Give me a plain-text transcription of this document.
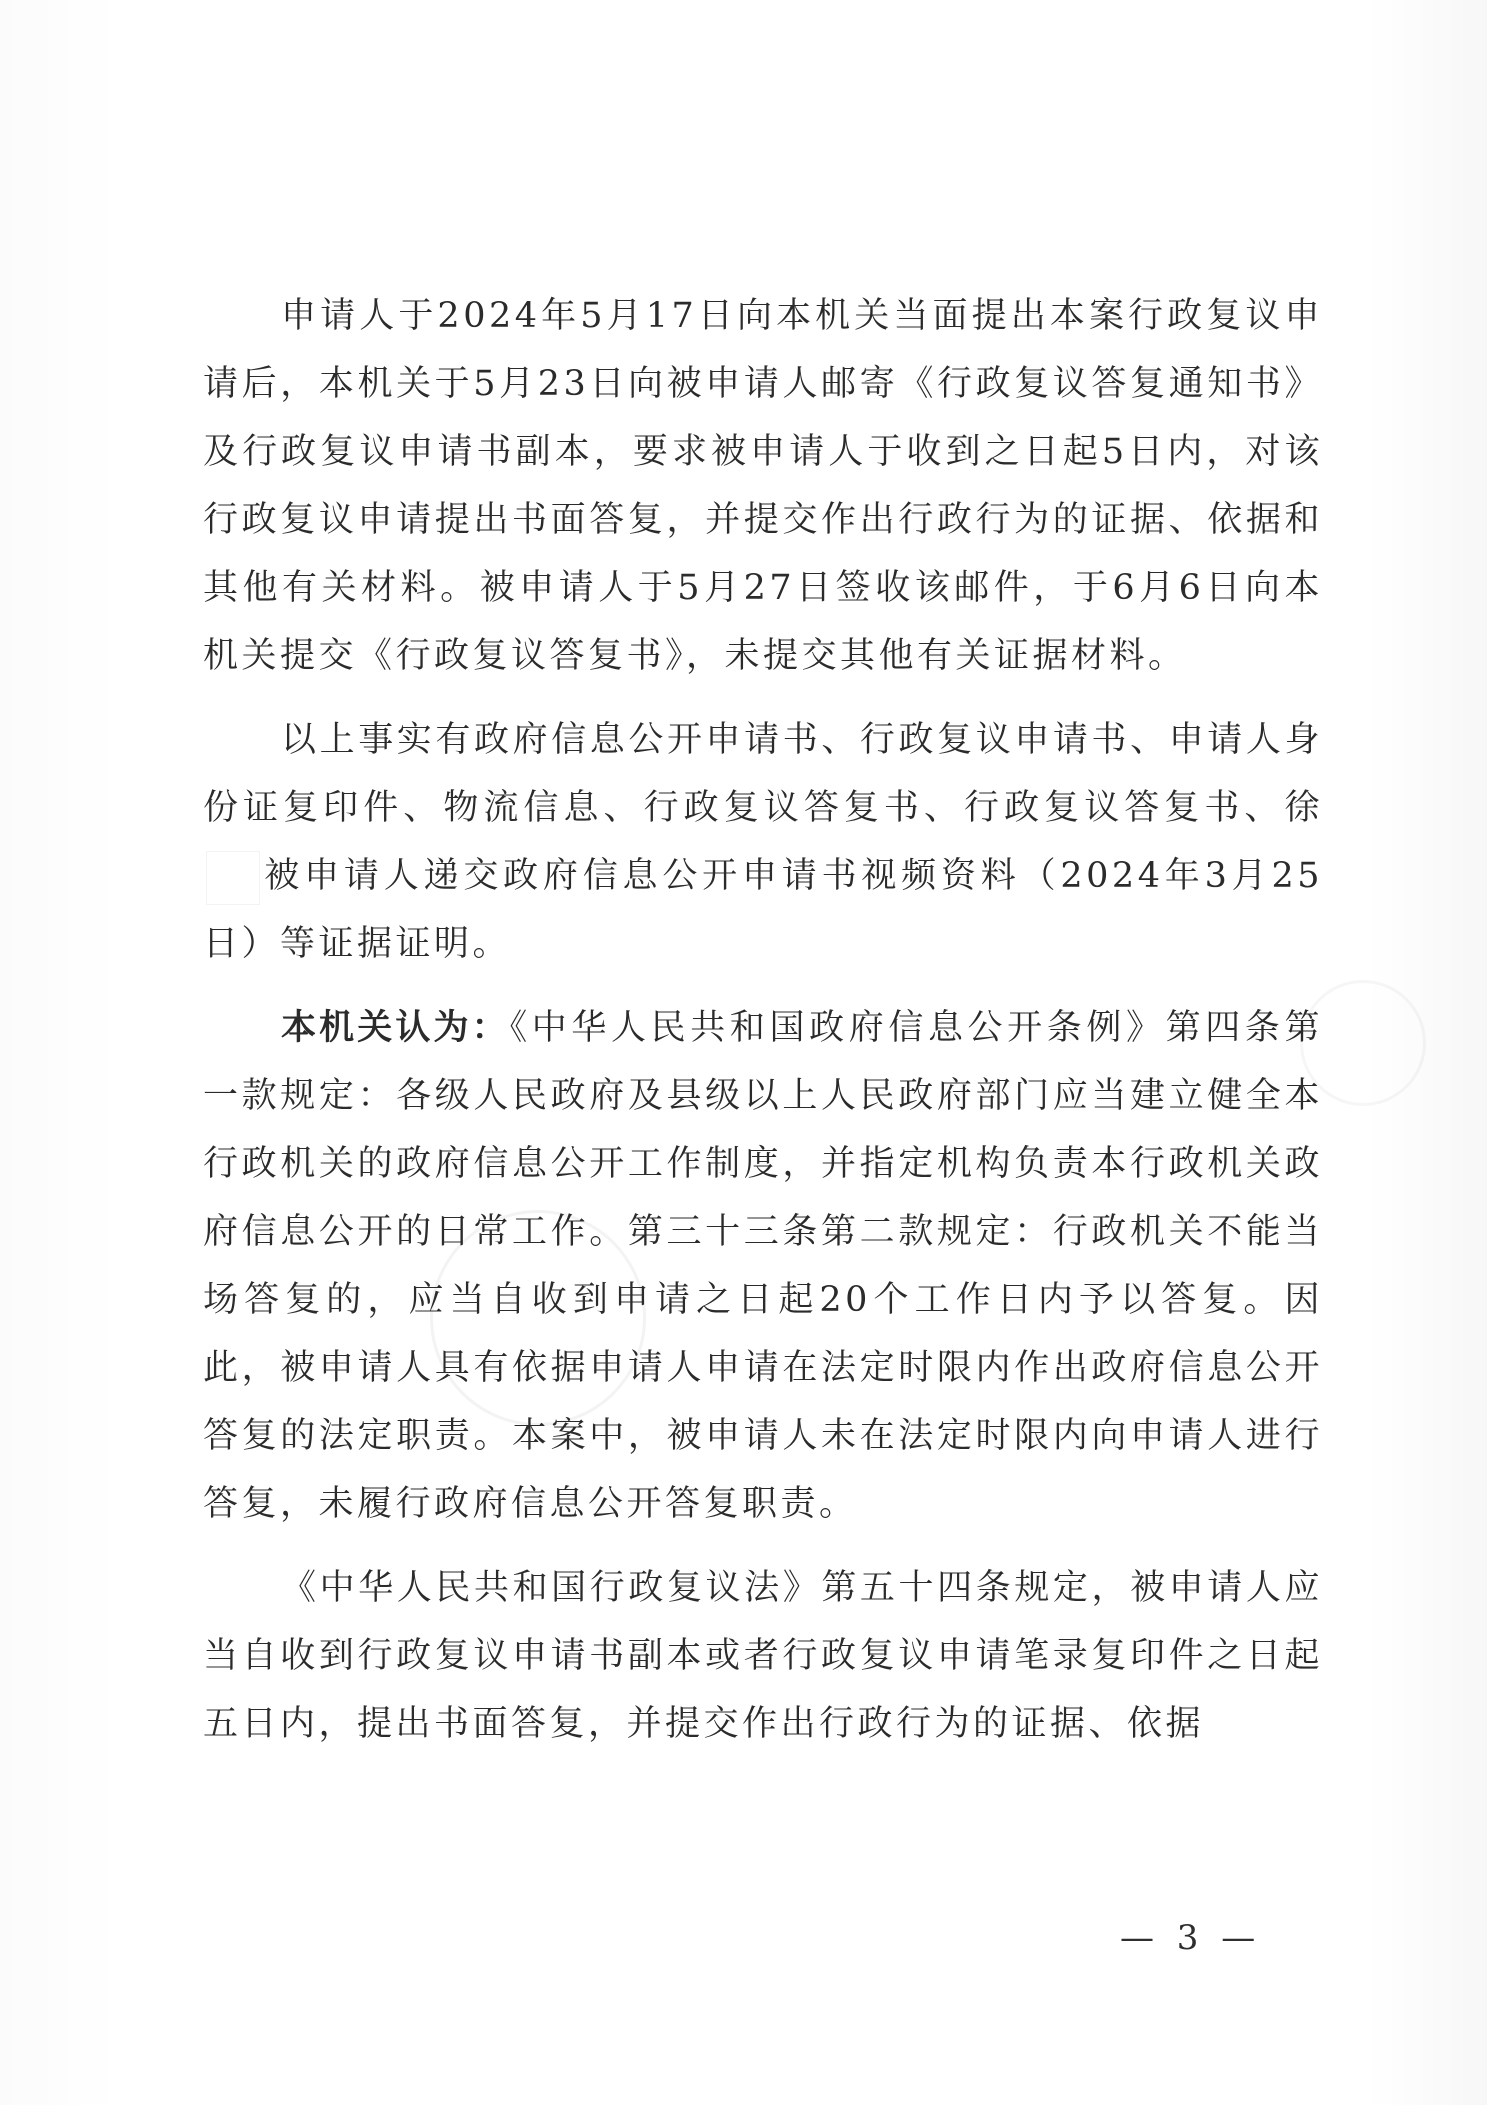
申请人于2024年5月17日向本机关当面提出本案行政复议申请后，本机关于5月23日向被申请人邮寄《行政复议答复通知书》及行政复议申请书副本，要求被申请人于收到之日起5日内，对该行政复议申请提出书面答复，并提交作出行政行为的证据、依据和其他有关材料。被申请人于5月27日签收该邮件，于6月6日向本机关提交《行政复议答复书》，未提交其他有关证据材料。

以上事实有政府信息公开申请书、行政复议申请书、申请人身份证复印件、物流信息、行政复议答复书、行政复议答复书、徐被申请人递交政府信息公开申请书视频资料（2024年3月25日）等证据证明。

本机关认为：《中华人民共和国政府信息公开条例》第四条第一款规定：各级人民政府及县级以上人民政府部门应当建立健全本行政机关的政府信息公开工作制度，并指定机构负责本行政机关政府信息公开的日常工作。第三十三条第二款规定：行政机关不能当场答复的，应当自收到申请之日起20个工作日内予以答复。因此，被申请人具有依据申请人申请在法定时限内作出政府信息公开答复的法定职责。本案中，被申请人未在法定时限内向申请人进行答复，未履行政府信息公开答复职责。

《中华人民共和国行政复议法》第五十四条规定，被申请人应当自收到行政复议申请书副本或者行政复议申请笔录复印件之日起五日内，提出书面答复，并提交作出行政行为的证据、依据

— 3 —
